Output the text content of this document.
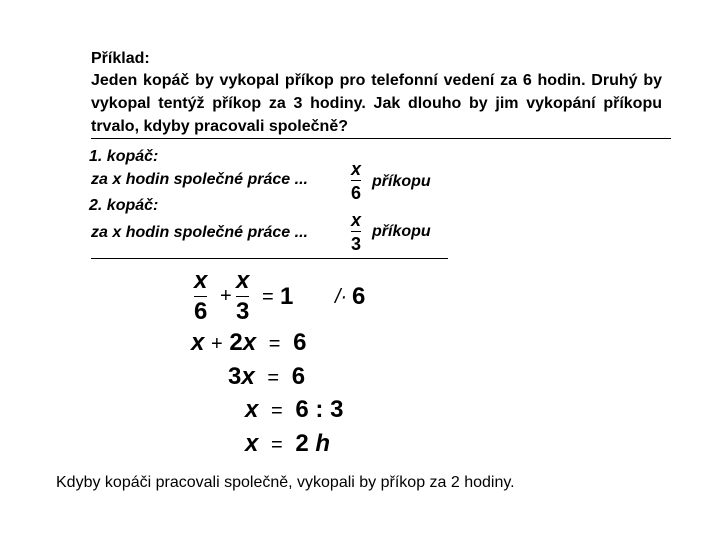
Příklad:
Jeden kopáč by vykopal příkop pro telefonní vedení za 6 hodin. Druhý by vykopal tentýž příkop za 3 hodiny. Jak dlouho by jim vykopání příkopu trvalo, kdyby pracovali společně?
1. kopáč:
za x hodin společné práce ...
x
6
příkopu
2. kopáč:
za x hodin společné práce ...
x
3
příkopu
x
6
+
x
3
= 1 /· 6
x + 2x = 6
3x = 6
x = 6 : 3
x = 2 h
Kdyby kopáči pracovali společně, vykopali by příkop za 2 hodiny.
